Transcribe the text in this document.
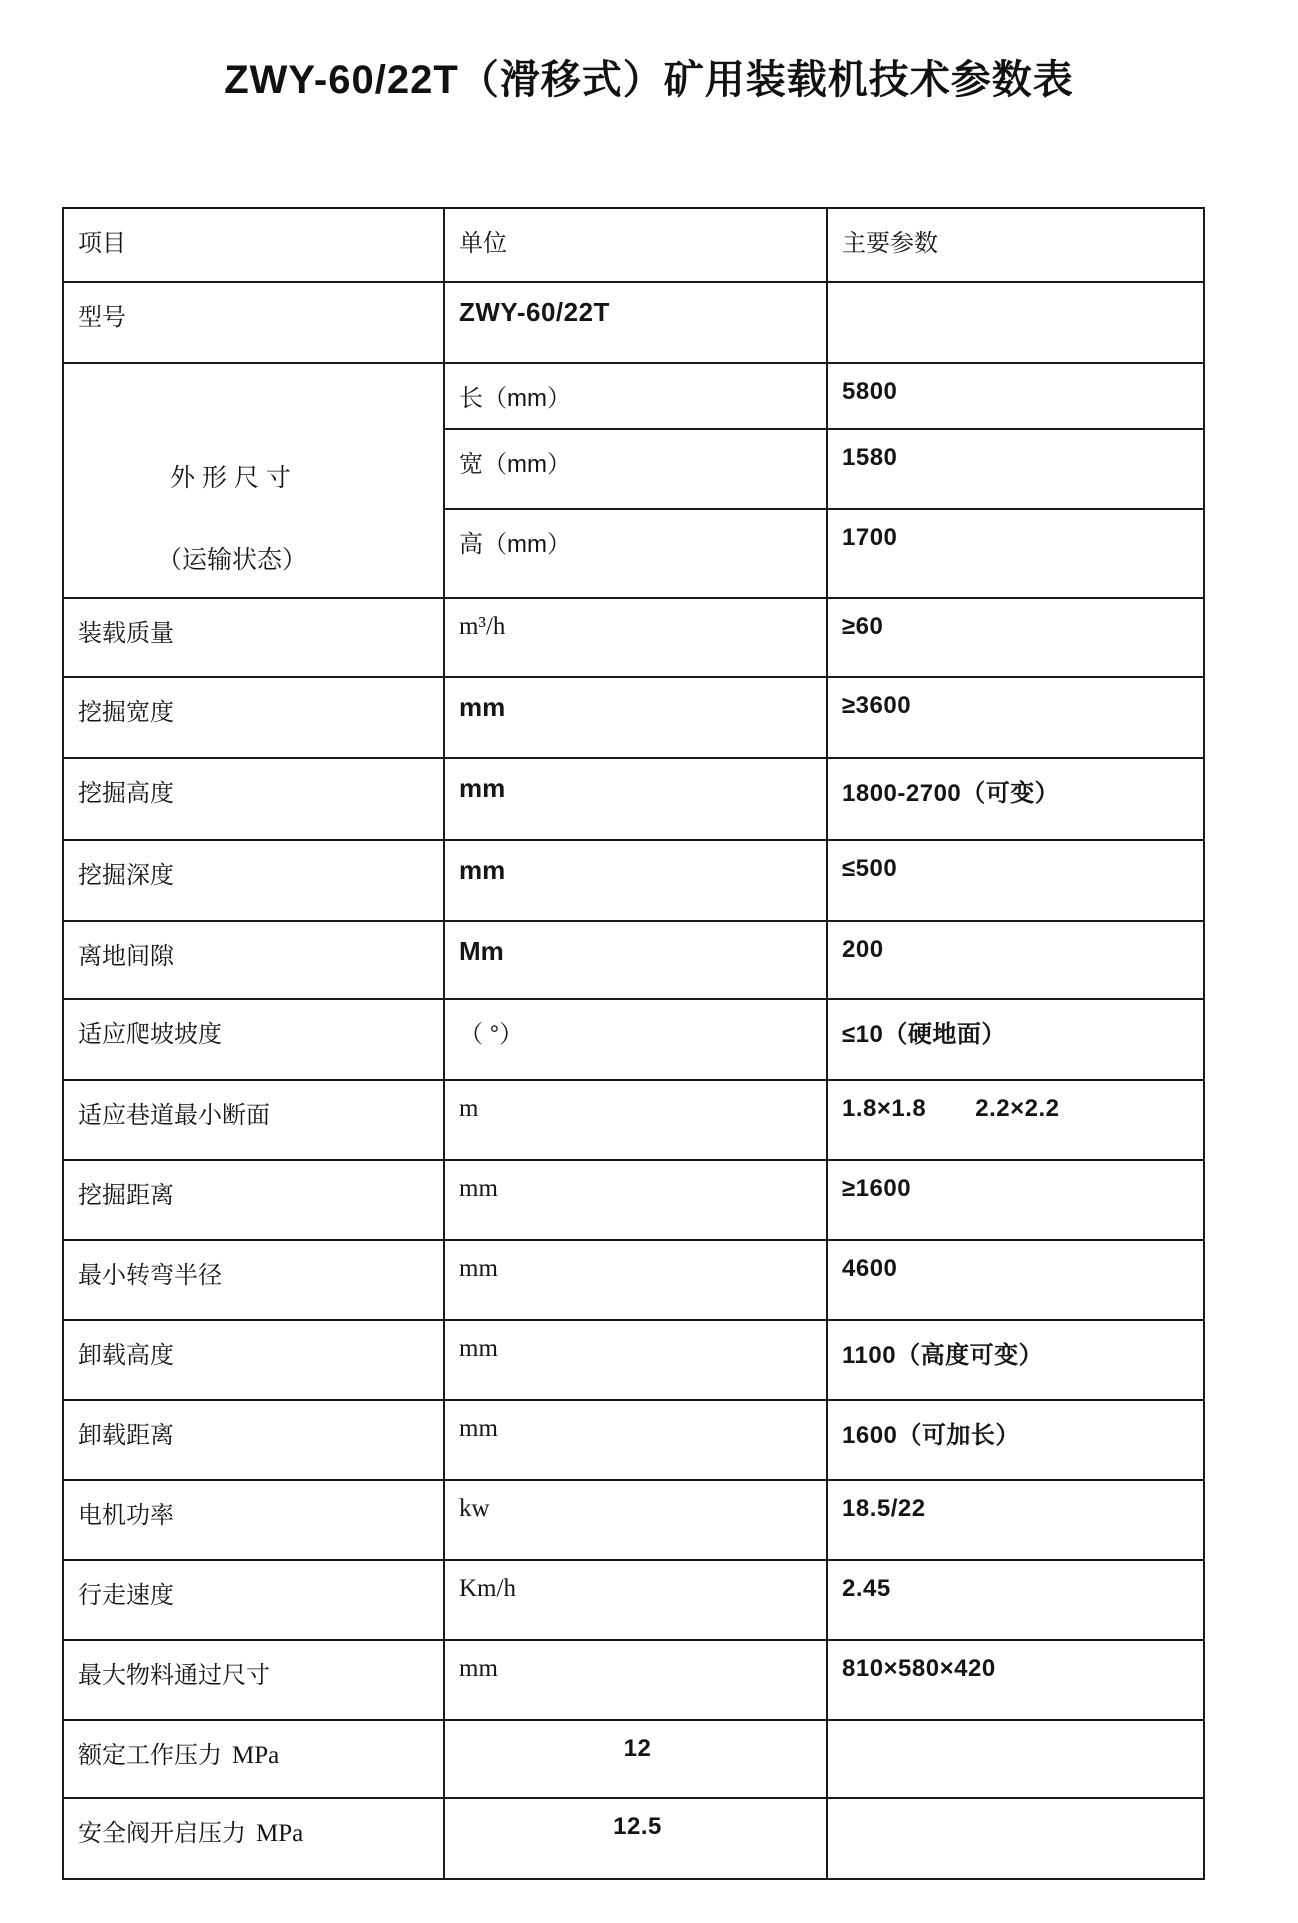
ZWY-60/22T（滑移式）矿用装载机技术参数表
项目	单位	主要参数
型号	ZWY-60/22T	

外 形 尺 寸
（运输状态）	长（mm）	5800
	宽（mm）	1580
	高（mm）	1700
装载质量	m³/h	≥60
挖掘宽度	mm	≥3600
挖掘高度	mm	1800-2700（可变）
挖掘深度	mm	≤500
离地间隙	Mm	200
适应爬坡坡度	（ °）	≤10（硬地面）
适应巷道最小断面	m	1.8×1.8  2.2×2.2
挖掘距离	mm	≥1600
最小转弯半径	mm	4600
卸载高度	mm	1100（高度可变）
卸载距离	mm	1600（可加长）
电机功率	kw	18.5/22
行走速度	Km/h	2.45
最大物料通过尺寸	mm	810×580×420
额定工作压力 MPa	12	
安全阀开启压力 MPa	12.5	
